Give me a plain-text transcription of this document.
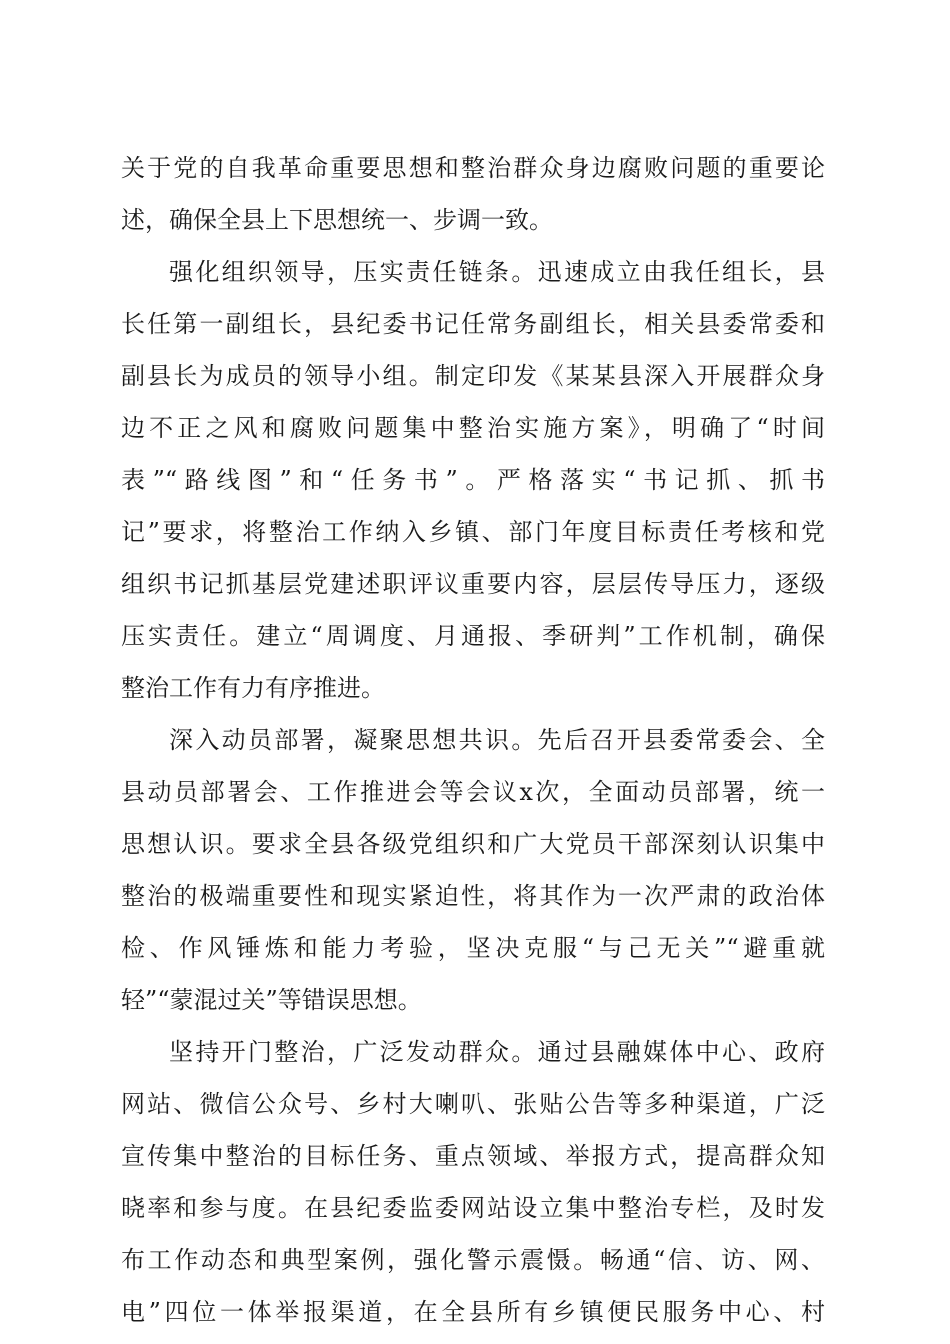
关于党的自我革命重要思想和整治群众身边腐败问题的重要论
述，确保全县上下思想统一、步调一致。
强化组织领导，压实责任链条。迅速成立由我任组长，县
长任第一副组长，县纪委书记任常务副组长，相关县委常委和
副县长为成员的领导小组。制定印发《某某县深入开展群众身
边不正之风和腐败问题集中整治实施方案》，明确了“时间
表”“路线图”和“任务书”。严格落实“书记抓、抓书
记”要求，将整治工作纳入乡镇、部门年度目标责任考核和党
组织书记抓基层党建述职评议重要内容，层层传导压力，逐级
压实责任。建立“周调度、月通报、季研判”工作机制，确保
整治工作有力有序推进。
深入动员部署，凝聚思想共识。先后召开县委常委会、全
县动员部署会、工作推进会等会议x次，全面动员部署，统一
思想认识。要求全县各级党组织和广大党员干部深刻认识集中
整治的极端重要性和现实紧迫性，将其作为一次严肃的政治体
检、作风锤炼和能力考验，坚决克服“与己无关”“避重就
轻”“蒙混过关”等错误思想。
坚持开门整治，广泛发动群众。通过县融媒体中心、政府
网站、微信公众号、乡村大喇叭、张贴公告等多种渠道，广泛
宣传集中整治的目标任务、重点领域、举报方式，提高群众知
晓率和参与度。在县纪委监委网站设立集中整治专栏，及时发
布工作动态和典型案例，强化警示震慑。畅通“信、访、网、
电”四位一体举报渠道，在全县所有乡镇便民服务中心、村
